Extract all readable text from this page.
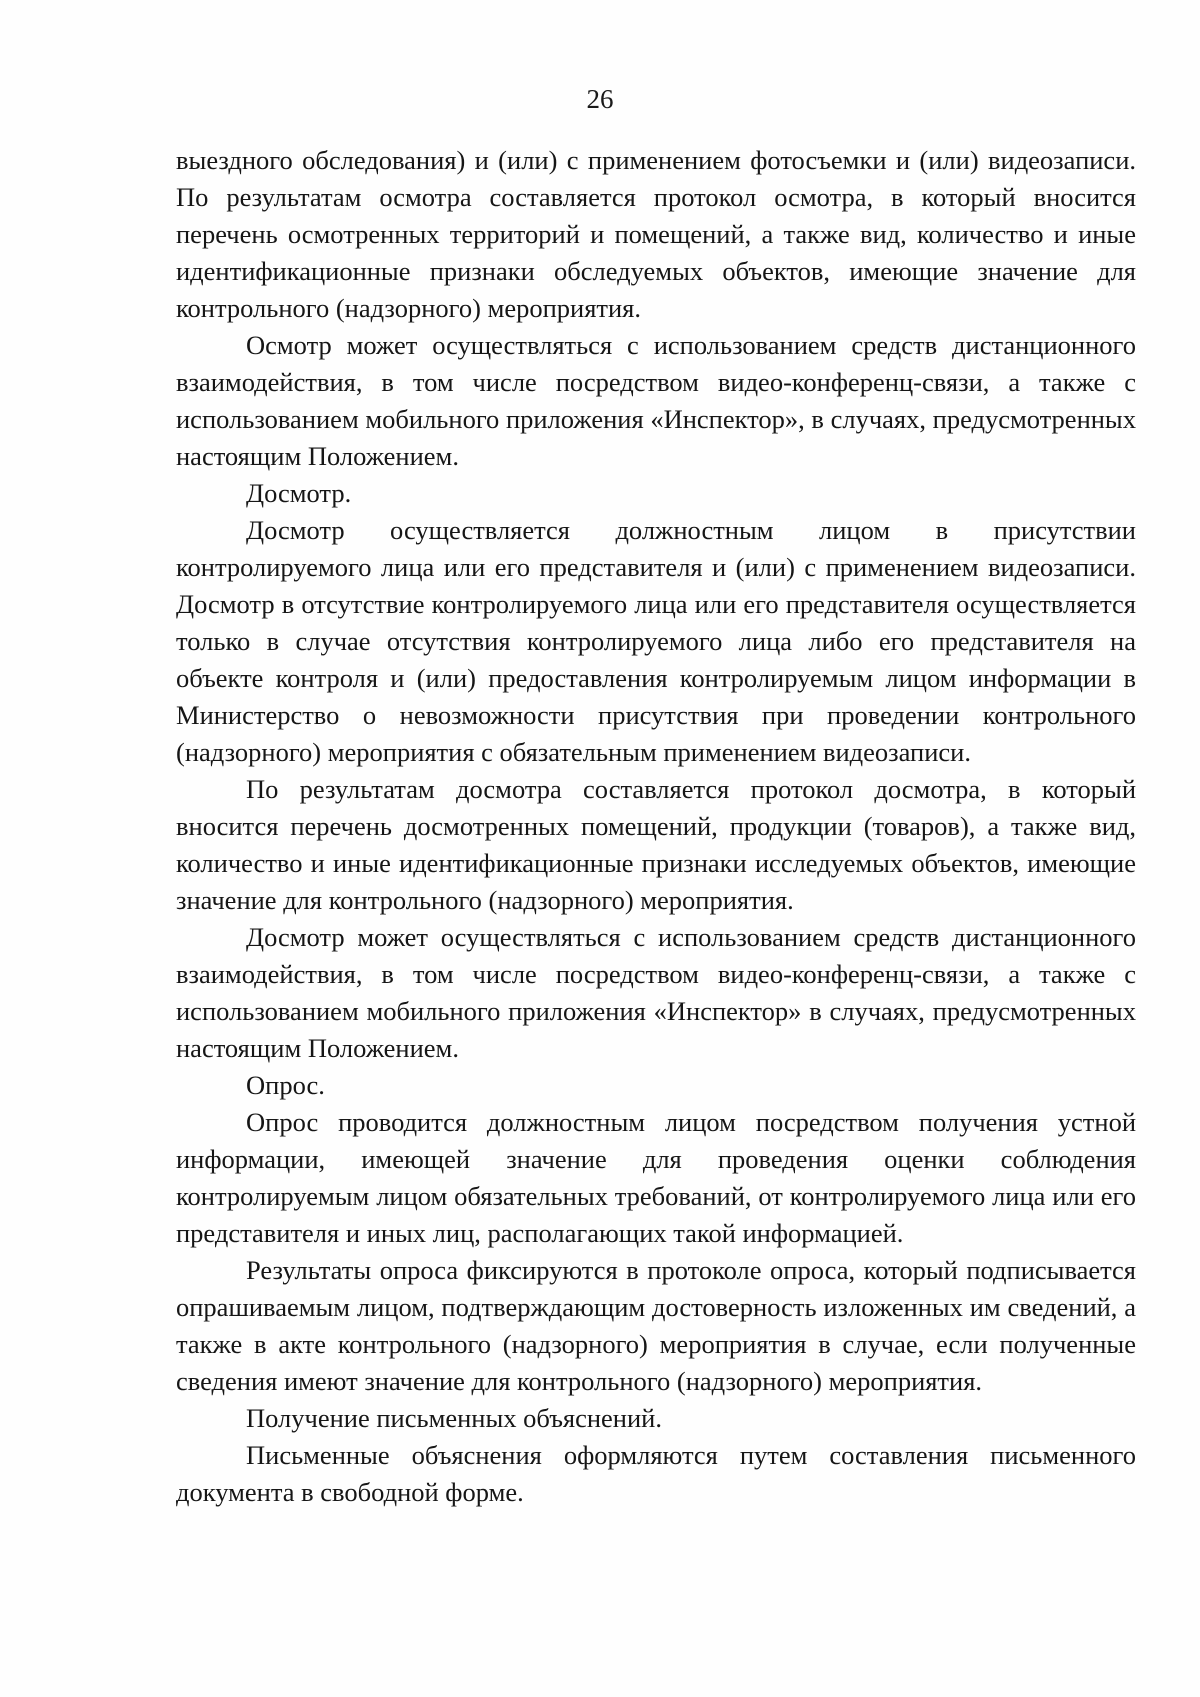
26

выездного обследования) и (или) с применением фотосъемки и (или) видеозаписи. По результатам осмотра составляется протокол осмотра, в который вносится перечень осмотренных территорий и помещений, а также вид, количество и иные идентификационные признаки обследуемых объектов, имеющие значение для контрольного (надзорного) мероприятия.

Осмотр может осуществляться с использованием средств дистанционного взаимодействия, в том числе посредством видео-конференц-связи, а также с использованием мобильного приложения «Инспектор», в случаях, предусмотренных настоящим Положением.

Досмотр.

Досмотр осуществляется должностным лицом в присутствии контролируемого лица или его представителя и (или) с применением видеозаписи. Досмотр в отсутствие контролируемого лица или его представителя осуществляется только в случае отсутствия контролируемого лица либо его представителя на объекте контроля и (или) предоставления контролируемым лицом информации в Министерство о невозможности присутствия при проведении контрольного (надзорного) мероприятия с обязательным применением видеозаписи.

По результатам досмотра составляется протокол досмотра, в который вносится перечень досмотренных помещений, продукции (товаров), а также вид, количество и иные идентификационные признаки исследуемых объектов, имеющие значение для контрольного (надзорного) мероприятия.

Досмотр может осуществляться с использованием средств дистанционного взаимодействия, в том числе посредством видео-конференц-связи, а также с использованием мобильного приложения «Инспектор» в случаях, предусмотренных настоящим Положением.

Опрос.

Опрос проводится должностным лицом посредством получения устной информации, имеющей значение для проведения оценки соблюдения контролируемым лицом обязательных требований, от контролируемого лица или его представителя и иных лиц, располагающих такой информацией.

Результаты опроса фиксируются в протоколе опроса, который подписывается опрашиваемым лицом, подтверждающим достоверность изложенных им сведений, а также в акте контрольного (надзорного) мероприятия в случае, если полученные сведения имеют значение для контрольного (надзорного) мероприятия.

Получение письменных объяснений.

Письменные объяснения оформляются путем составления письменного документа в свободной форме.
